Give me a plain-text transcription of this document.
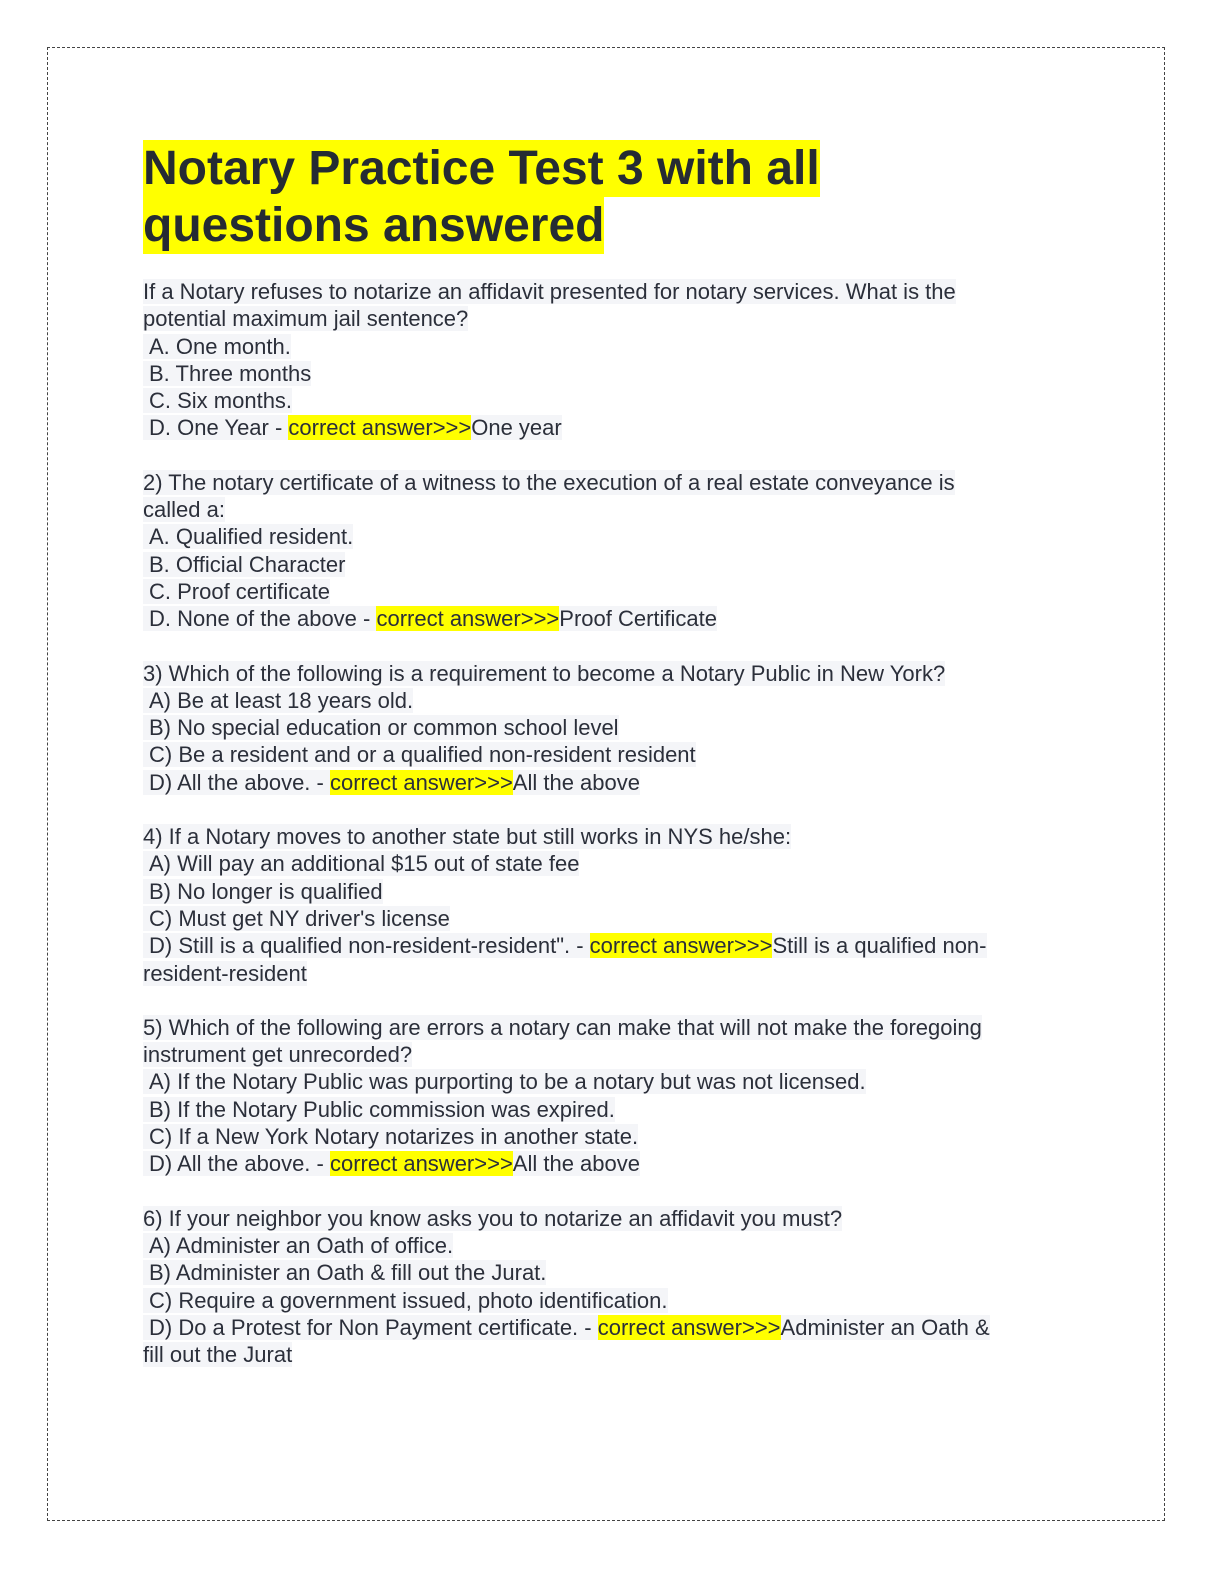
Notary Practice Test 3 with all
questions answered
If a Notary refuses to notarize an affidavit presented for notary services. What is the
potential maximum jail sentence?
A. One month.
B. Three months
C. Six months.
D. One Year - correct answer>>>One year
2) The notary certificate of a witness to the execution of a real estate conveyance is
called a:
A. Qualified resident.
B. Official Character
C. Proof certificate
D. None of the above - correct answer>>>Proof Certificate
3) Which of the following is a requirement to become a Notary Public in New York?
A) Be at least 18 years old.
B) No special education or common school level
C) Be a resident and or a qualified non-resident resident
D) All the above. - correct answer>>>All the above
4) If a Notary moves to another state but still works in NYS he/she:
A) Will pay an additional $15 out of state fee
B) No longer is qualified
C) Must get NY driver's license
D) Still is a qualified non-resident-resident". - correct answer>>>Still is a qualified non-
resident-resident
5) Which of the following are errors a notary can make that will not make the foregoing
instrument get unrecorded?
A) If the Notary Public was purporting to be a notary but was not licensed.
B) If the Notary Public commission was expired.
C) If a New York Notary notarizes in another state.
D) All the above. - correct answer>>>All the above
6) If your neighbor you know asks you to notarize an affidavit you must?
A) Administer an Oath of office.
B) Administer an Oath & fill out the Jurat.
C) Require a government issued, photo identification.
D) Do a Protest for Non Payment certificate. - correct answer>>>Administer an Oath &
fill out the Jurat
